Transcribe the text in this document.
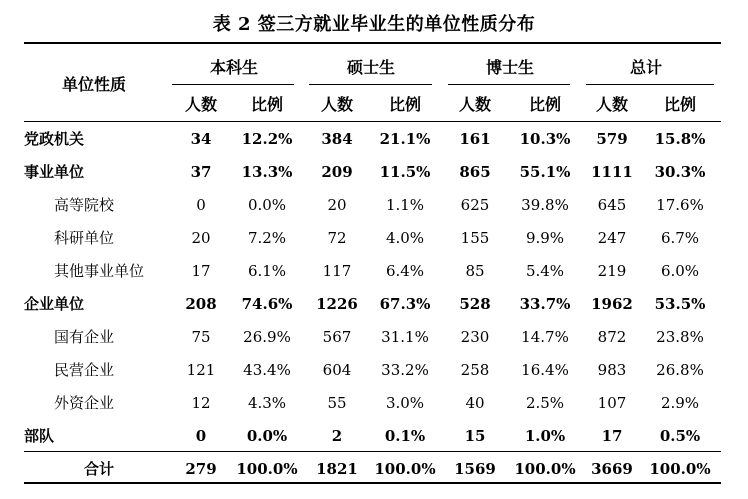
表 2 签三方就业毕业生的单位性质分布
单位性质
本科生	硕士生	博士生	总计
人数	比例	人数	比例	人数	比例	人数	比例
党政机关	34	12.2%	384	21.1%	161	10.3%	579	15.8%
事业单位	37	13.3%	209	11.5%	865	55.1%	1111	30.3%
高等院校	0	0.0%	20	1.1%	625	39.8%	645	17.6%
科研单位	20	7.2%	72	4.0%	155	9.9%	247	6.7%
其他事业单位	17	6.1%	117	6.4%	85	5.4%	219	6.0%
企业单位	208	74.6%	1226	67.3%	528	33.7%	1962	53.5%
国有企业	75	26.9%	567	31.1%	230	14.7%	872	23.8%
民营企业	121	43.4%	604	33.2%	258	16.4%	983	26.8%
外资企业	12	4.3%	55	3.0%	40	2.5%	107	2.9%
部队	0	0.0%	2	0.1%	15	1.0%	17	0.5%
合计	279	100.0%	1821	100.0%	1569	100.0%	3669	100.0%
